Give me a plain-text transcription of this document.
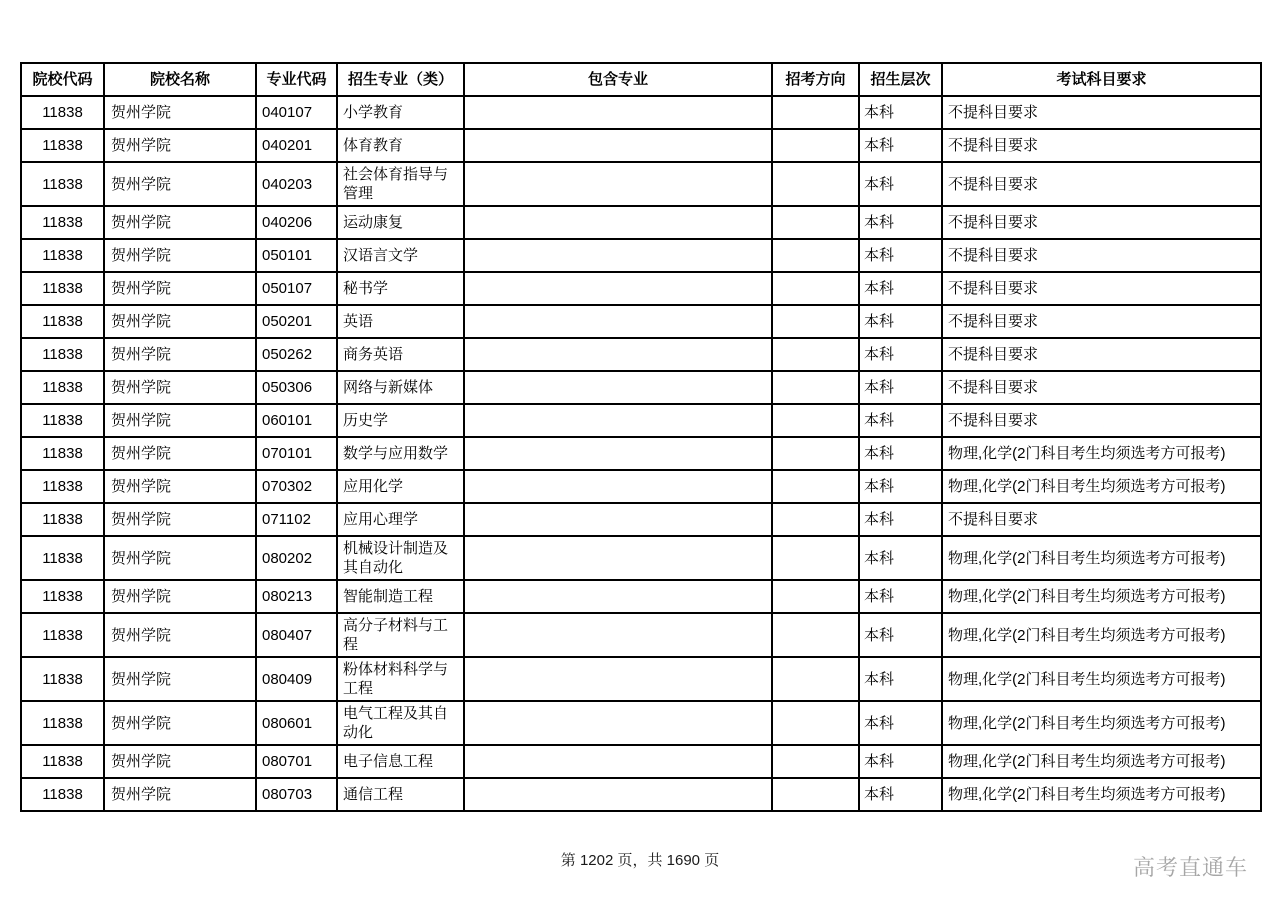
院校代码	院校名称	专业代码	招生专业（类）	包含专业	招考方向	招生层次	考试科目要求
11838	贺州学院	040107	小学教育			本科	不提科目要求
11838	贺州学院	040201	体育教育			本科	不提科目要求
11838	贺州学院	040203	社会体育指导与管理			本科	不提科目要求
11838	贺州学院	040206	运动康复			本科	不提科目要求
11838	贺州学院	050101	汉语言文学			本科	不提科目要求
11838	贺州学院	050107	秘书学			本科	不提科目要求
11838	贺州学院	050201	英语			本科	不提科目要求
11838	贺州学院	050262	商务英语			本科	不提科目要求
11838	贺州学院	050306	网络与新媒体			本科	不提科目要求
11838	贺州学院	060101	历史学			本科	不提科目要求
11838	贺州学院	070101	数学与应用数学			本科	物理,化学(2门科目考生均须选考方可报考)
11838	贺州学院	070302	应用化学			本科	物理,化学(2门科目考生均须选考方可报考)
11838	贺州学院	071102	应用心理学			本科	不提科目要求
11838	贺州学院	080202	机械设计制造及其自动化			本科	物理,化学(2门科目考生均须选考方可报考)
11838	贺州学院	080213	智能制造工程			本科	物理,化学(2门科目考生均须选考方可报考)
11838	贺州学院	080407	高分子材料与工程			本科	物理,化学(2门科目考生均须选考方可报考)
11838	贺州学院	080409	粉体材料科学与工程			本科	物理,化学(2门科目考生均须选考方可报考)
11838	贺州学院	080601	电气工程及其自动化			本科	物理,化学(2门科目考生均须选考方可报考)
11838	贺州学院	080701	电子信息工程			本科	物理,化学(2门科目考生均须选考方可报考)
11838	贺州学院	080703	通信工程			本科	物理,化学(2门科目考生均须选考方可报考)
第 1202 页，共 1690 页	高考直通车
